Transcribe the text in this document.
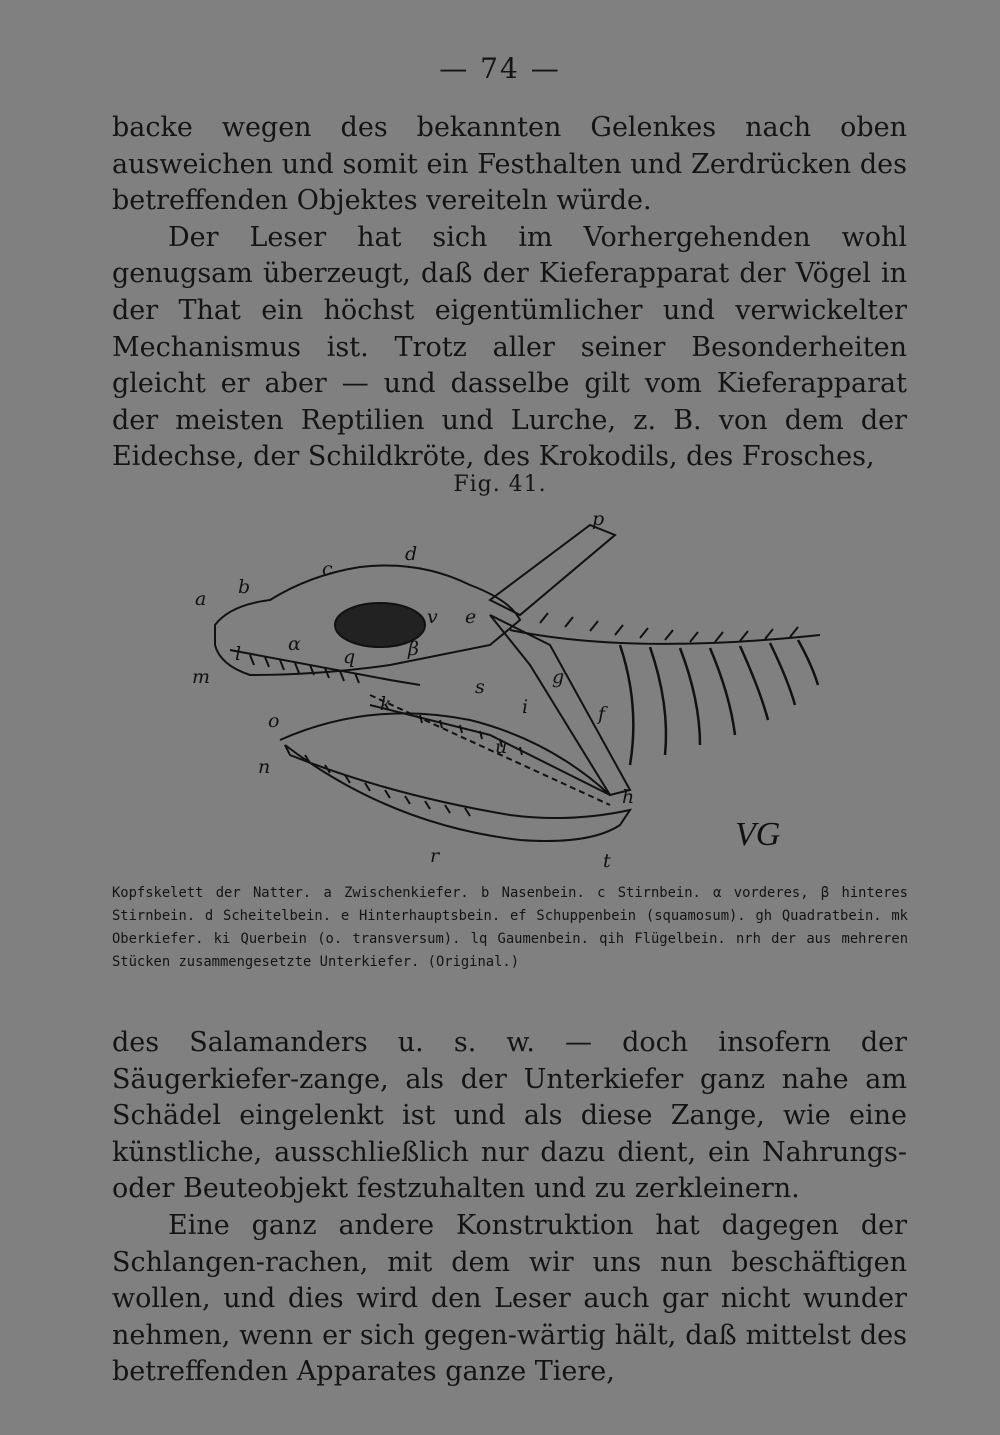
— 74 —

backe wegen des bekannten Gelenkes nach oben ausweichen und somit ein Festhalten und Zerdrücken des betreffenden Objektes vereiteln würde.

Der Leser hat sich im Vorhergehenden wohl genugsam überzeugt, daß der Kieferapparat der Vögel in der That ein höchst eigentümlicher und verwickelter Mechanismus ist. Trotz aller seiner Besonderheiten gleicht er aber — und dasselbe gilt vom Kieferapparat der meisten Reptilien und Lurche, z. B. von dem der Eidechse, der Schildkröte, des Krokodils, des Frosches,

Fig. 41.
a
b
c
d
p
v e
m
l α
q	β
s	g
f
o
k	i
u
n
h
r	t
VG
Kopfskelett der Natter. a Zwischenkiefer. b Nasenbein. c Stirnbein. α vorderes, β hinteres Stirnbein. d Scheitelbein. e Hinterhauptsbein. ef Schuppenbein (squamosum). gh Quadratbein. mk Oberkiefer. ki Querbein (o. transversum). lq Gaumenbein. qih Flügelbein. nrh der aus mehreren Stücken zusammengesetzte Unterkiefer. (Original.)

des Salamanders u. s. w. — doch insofern der Säugerkiefer-zange, als der Unterkiefer ganz nahe am Schädel eingelenkt ist und als diese Zange, wie eine künstliche, ausschließlich nur dazu dient, ein Nahrungs- oder Beuteobjekt festzuhalten und zu zerkleinern.

Eine ganz andere Konstruktion hat dagegen der Schlangen-rachen, mit dem wir uns nun beschäftigen wollen, und dies wird den Leser auch gar nicht wunder nehmen, wenn er sich gegen-wärtig hält, daß mittelst des betreffenden Apparates ganze Tiere,
